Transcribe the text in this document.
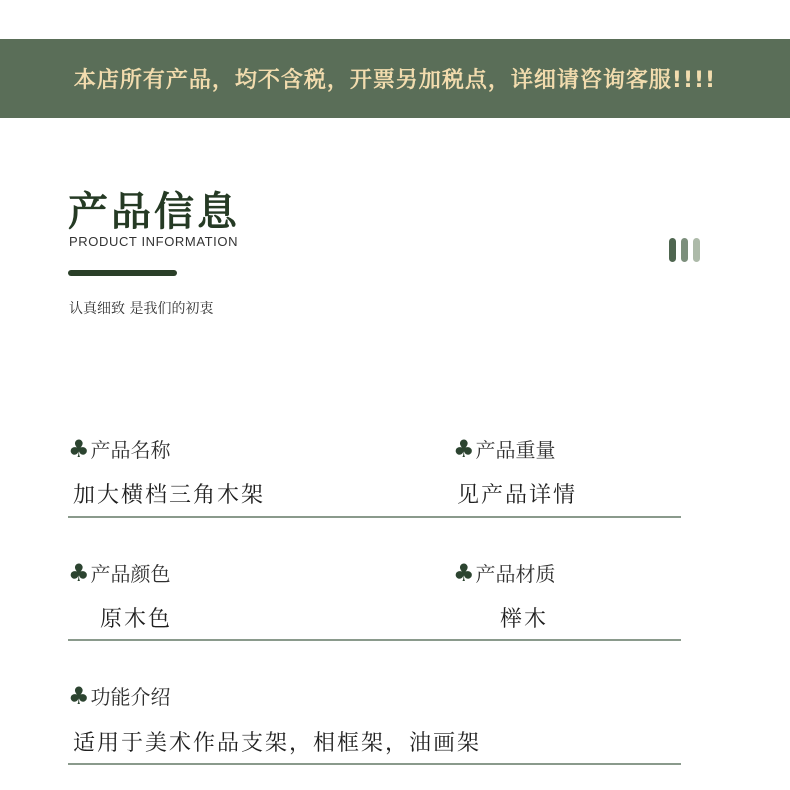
本店所有产品，均不含税，开票另加税点，详细请咨询客服!!!!
产品信息
PRODUCT INFORMATION
认真细致 是我们的初衷
♣ 产品名称
加大横档三角木架
♣ 产品重量
见产品详情
♣ 产品颜色
原木色
♣ 产品材质
榉木
♣ 功能介绍
适用于美术作品支架，相框架，油画架
